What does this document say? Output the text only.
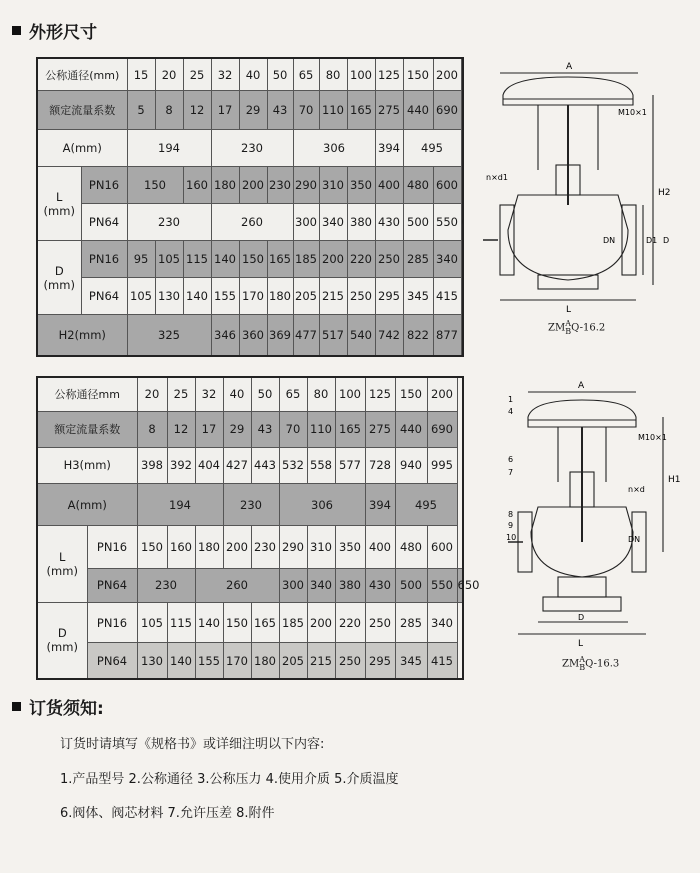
外形尺寸
公称通径(mm)		15	20	25	32	40	50	65	80	100	125	150	200	
额定流量系数		5	8	12	17	29	43	70	110	165	275	440	690	
A(mm)		194			230			306			394	495		

L
(mm)	PN16	150		160	180	200	230	290	310	350	400	480	600	
	PN64	230			260			300	340	380	430	500	550	

D
(mm)	PN16	95	105	115	140	150	165	185	200	220	250	285	340	
	PN64	105	130	140	155	170	180	205	215	250	295	345	415	
H2(mm)		325			346	360	369	477	517	540	742	822	877	
A
M10×1
H2
n×d1
DN	D1 D
L
ZMA
BQ-16.2
公称通径mm		20	25	32	40	50	65	80	100	125	150	200	
额定流量系数		8	12	17	29	43	70	110	165	275	440	690	
H3(mm)		398	392	404	427	443	532	558	577	728	940	995	
A(mm)		194			230		306			394	495		

L
(mm)	PN16	150	160	180	200	230	290	310	350	400	480	600	
	PN64	230		260			300	340	380	430	500	550	650

D
(mm)	PN16	105	115	140	150	165	185	200	220	250	285	340	
	PN64	130	140	155	170	180	205	215	250	295	345	415	
A
M10×1
H1
n×d
DN
D
L
1
4
6
7
8
9
10
ZMA
BQ-16.3
订货须知:
订货时请填写《规格书》或详细注明以下内容:
1.产品型号 2.公称通径 3.公称压力 4.使用介质 5.介质温度
6.阀体、阀芯材料 7.允许压差 8.附件
